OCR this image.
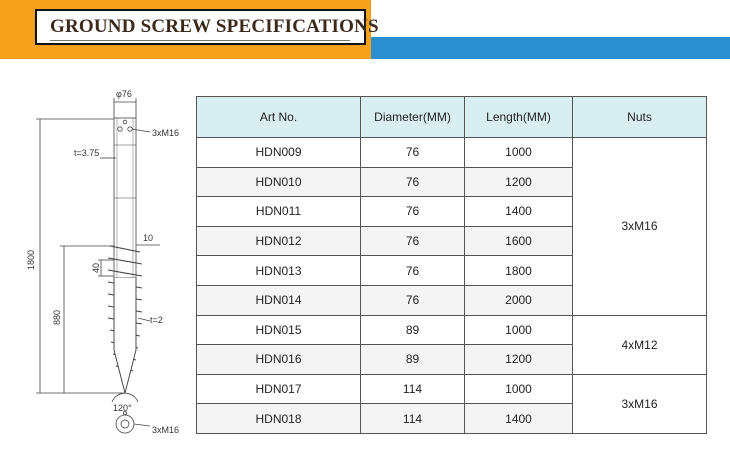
GROUND SCREW SPECIFICATIONS
φ76
3xM16
t=3.75
10
t=2
120°
3xM16
1800
880
40
Art No.	Diameter(MM)	Length(MM)	Nuts
HDN009	76	1000	3xM16
HDN010	76	1200	
HDN011	76	1400	
HDN012	76	1600	
HDN013	76	1800	
HDN014	76	2000	
HDN015	89	1000	4xM12
HDN016	89	1200	
HDN017	114	1000	3xM16
HDN018	114	1400	
